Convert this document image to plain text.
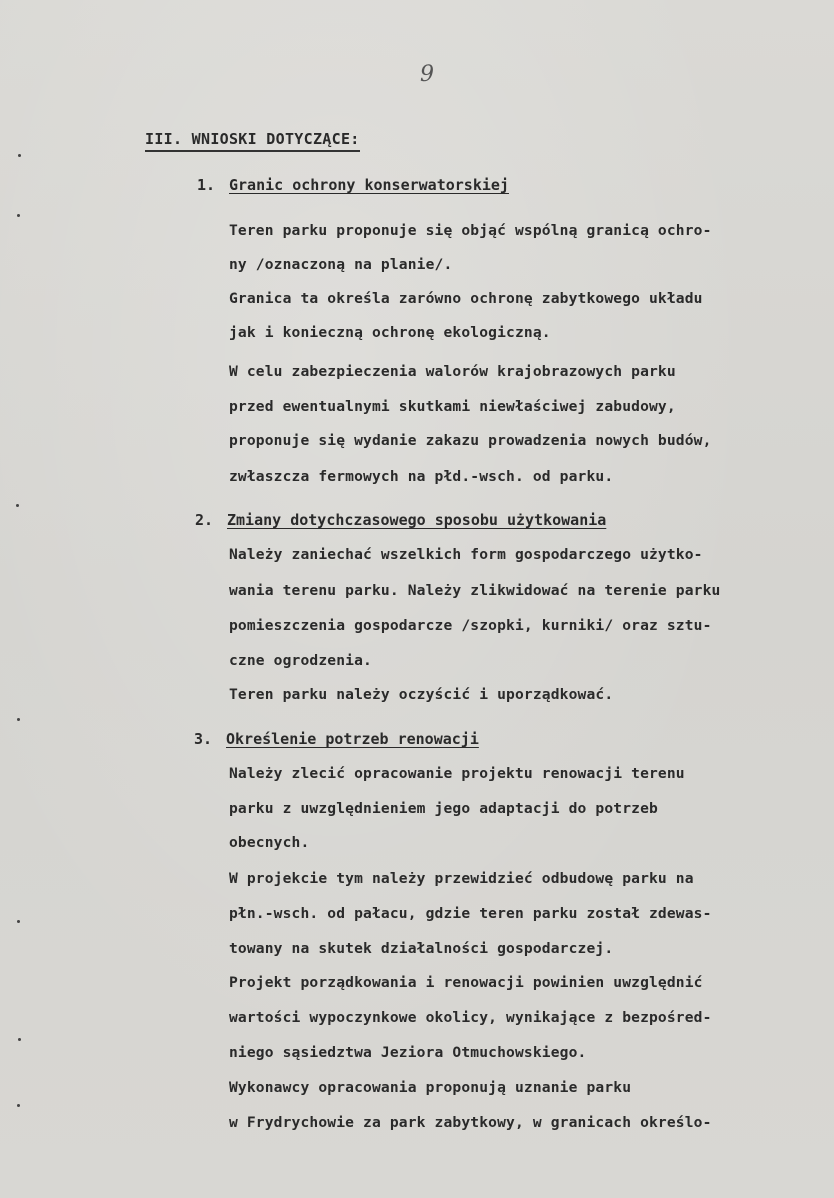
9
III. WNIOSKI DOTYCZĄCE:
1. Granic ochrony konserwatorskiej
Teren parku proponuje się objąć wspólną granicą ochro-
ny /oznaczoną na planie/.
Granica ta określa zarówno ochronę zabytkowego układu
jak i konieczną ochronę ekologiczną.
W celu zabezpieczenia walorów krajobrazowych parku
przed ewentualnymi skutkami niewłaściwej zabudowy,
proponuje się wydanie zakazu prowadzenia nowych budów,
zwłaszcza fermowych na płd.-wsch. od parku.
2. Zmiany dotychczasowego sposobu użytkowania
Należy zaniechać wszelkich form gospodarczego użytko-
wania terenu parku. Należy zlikwidować na terenie parku
pomieszczenia gospodarcze /szopki, kurniki/ oraz sztu-
czne ogrodzenia.
Teren parku należy oczyścić i uporządkować.
3. Określenie potrzeb renowacji
Należy zlecić opracowanie projektu renowacji terenu
parku z uwzględnieniem jego adaptacji do potrzeb
obecnych.
W projekcie tym należy przewidzieć odbudowę parku na
płn.-wsch. od pałacu, gdzie teren parku został zdewas-
towany na skutek działalności gospodarczej.
Projekt porządkowania i renowacji powinien uwzględnić
wartości wypoczynkowe okolicy, wynikające z bezpośred-
niego sąsiedztwa Jeziora Otmuchowskiego.
Wykonawcy opracowania proponują uznanie parku
w Frydrychowie za park zabytkowy, w granicach określo-
